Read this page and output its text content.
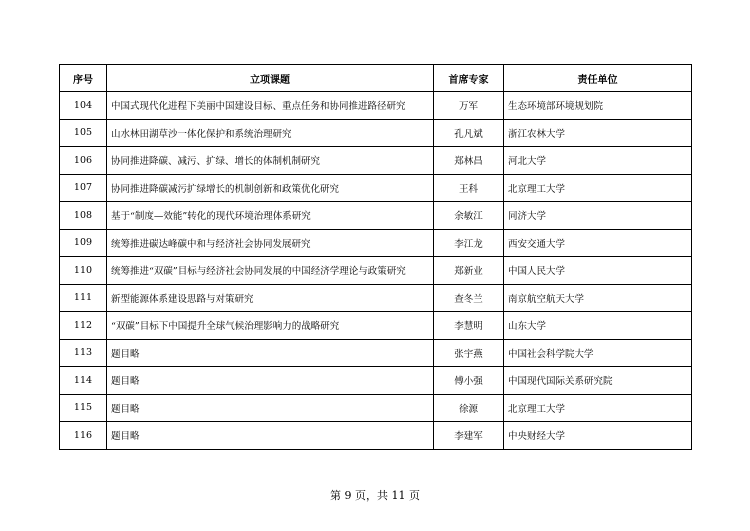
序号	立项课题	首席专家	责任单位
104	中国式现代化进程下美丽中国建设目标、重点任务和协同推进路径研究	万军	生态环境部环境规划院
105	山水林田湖草沙一体化保护和系统治理研究	孔凡斌	浙江农林大学
106	协同推进降碳、减污、扩绿、增长的体制机制研究	郑林昌	河北大学
107	协同推进降碳减污扩绿增长的机制创新和政策优化研究	王科	北京理工大学
108	基于“制度—效能”转化的现代环境治理体系研究	余敏江	同济大学
109	统筹推进碳达峰碳中和与经济社会协同发展研究	李江龙	西安交通大学
110	统筹推进“双碳”目标与经济社会协同发展的中国经济学理论与政策研究	郑新业	中国人民大学
111	新型能源体系建设思路与对策研究	查冬兰	南京航空航天大学
112	“双碳”目标下中国提升全球气候治理影响力的战略研究	李慧明	山东大学
113	题目略	张宇燕	中国社会科学院大学
114	题目略	傅小强	中国现代国际关系研究院
115	题目略	徐源	北京理工大学
116	题目略	李建军	中央财经大学
第 9 页，共 11 页
